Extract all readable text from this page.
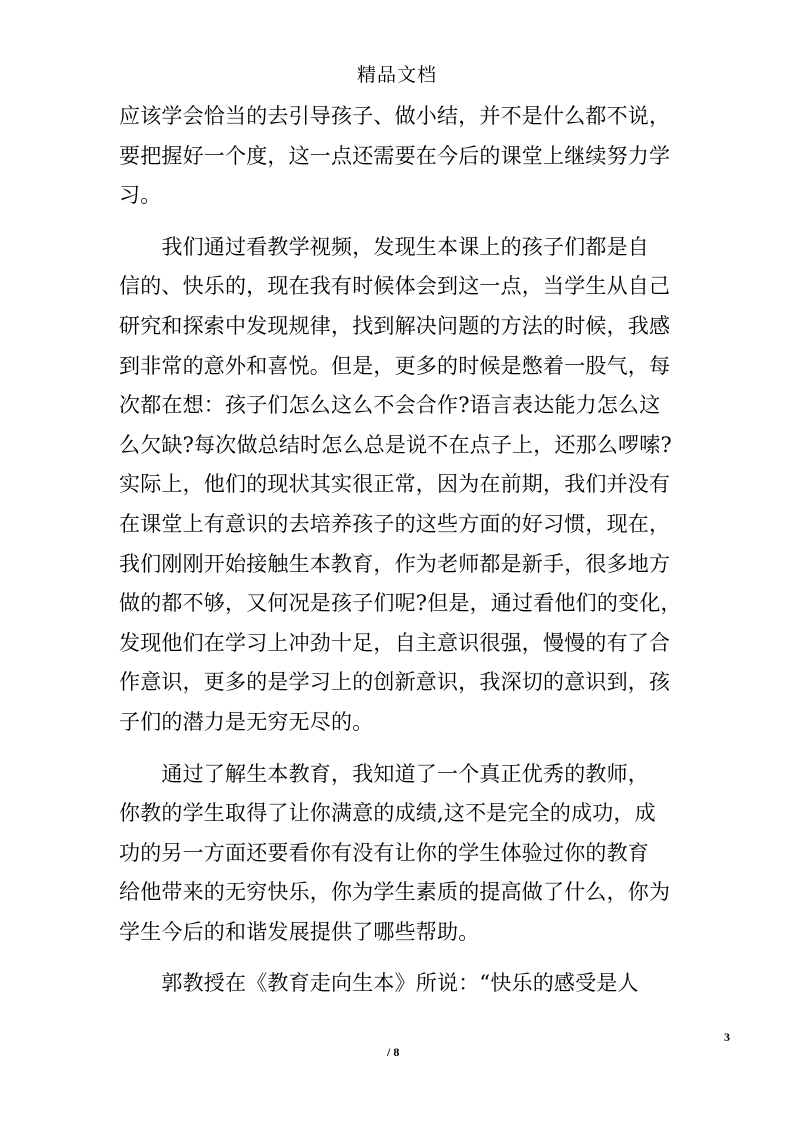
精品文档
应该学会恰当的去引导孩子、做小结，并不是什么都不说，
要把握好一个度，这一点还需要在今后的课堂上继续努力学
习。
　　我们通过看教学视频，发现生本课上的孩子们都是自
信的、快乐的，现在我有时候体会到这一点，当学生从自己
研究和探索中发现规律，找到解决问题的方法的时候，我感
到非常的意外和喜悦。但是，更多的时候是憋着一股气，每
次都在想：孩子们怎么这么不会合作?语言表达能力怎么这
么欠缺?每次做总结时怎么总是说不在点子上，还那么啰嗦?
实际上，他们的现状其实很正常，因为在前期，我们并没有
在课堂上有意识的去培养孩子的这些方面的好习惯，现在，
我们刚刚开始接触生本教育，作为老师都是新手，很多地方
做的都不够，又何况是孩子们呢?但是，通过看他们的变化，
发现他们在学习上冲劲十足，自主意识很强，慢慢的有了合
作意识，更多的是学习上的创新意识，我深切的意识到，孩
子们的潜力是无穷无尽的。
　　通过了解生本教育，我知道了一个真正优秀的教师，
你教的学生取得了让你满意的成绩,这不是完全的成功，成
功的另一方面还要看你有没有让你的学生体验过你的教育
给他带来的无穷快乐，你为学生素质的提高做了什么，你为
学生今后的和谐发展提供了哪些帮助。
　　郭教授在《教育走向生本》所说：“快乐的感受是人
3
/ 8
